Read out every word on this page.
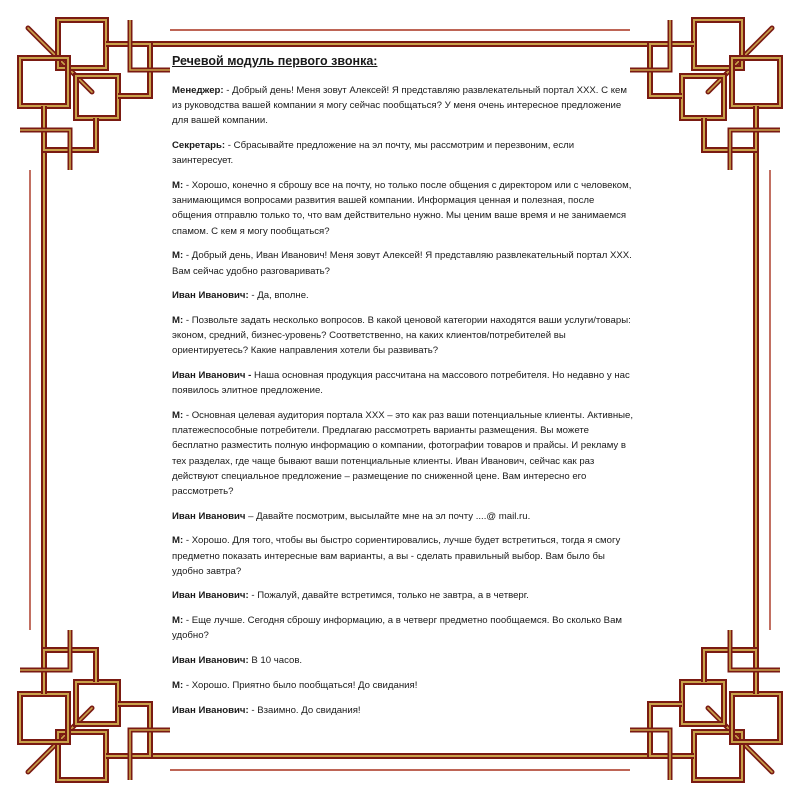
Речевой модуль первого звонка:
Менеджер: - Добрый день! Меня зовут Алексей! Я представляю развлекательный портал XXX. С кем из руководства вашей компании я могу сейчас пообщаться? У меня очень интересное предложение для вашей компании.
Секретарь: - Сбрасывайте предложение на эл почту, мы рассмотрим и перезвоним, если заинтересует.
М: - Хорошо, конечно я сброшу все на почту, но только после общения с директором или с человеком, занимающимся вопросами развития вашей компании. Информация ценная и полезная, после общения отправлю только то, что вам действительно нужно. Мы ценим ваше время и не занимаемся спамом. С кем я могу пообщаться?
М: - Добрый день, Иван Иванович! Меня зовут Алексей! Я представляю развлекательный портал XXX. Вам сейчас удобно разговаривать?
Иван Иванович: - Да, вполне.
М: - Позвольте задать несколько вопросов. В какой ценовой категории находятся ваши услуги/товары: эконом, средний, бизнес-уровень? Соответственно, на каких клиентов/потребителей вы ориентируетесь? Какие направления хотели бы развивать?
Иван Иванович - Наша основная продукция рассчитана на массового потребителя. Но недавно у нас появилось элитное предложение.
М: - Основная целевая аудитория портала XXX – это как раз ваши потенциальные клиенты. Активные, платежеспособные потребители. Предлагаю рассмотреть варианты размещения. Вы можете бесплатно разместить полную информацию о компании, фотографии товаров и прайсы. И рекламу в тех разделах, где чаще бывают ваши потенциальные клиенты. Иван Иванович, сейчас как раз действуют специальное предложение – размещение по сниженной цене. Вам интересно его рассмотреть?
Иван Иванович – Давайте посмотрим, высылайте мне на эл почту ....@ mail.ru.
М: - Хорошо. Для того, чтобы вы быстро сориентировались, лучше будет встретиться, тогда я смогу предметно показать интересные вам варианты, а вы - сделать правильный выбор. Вам было бы удобно завтра?
Иван Иванович: - Пожалуй, давайте встретимся, только не завтра, а в четверг.
М: - Еще лучше. Сегодня сброшу информацию, а в четверг предметно пообщаемся. Во сколько Вам удобно?
Иван Иванович: В 10 часов.
М: - Хорошо. Приятно было пообщаться! До свидания!
Иван Иванович: - Взаимно. До свидания!
